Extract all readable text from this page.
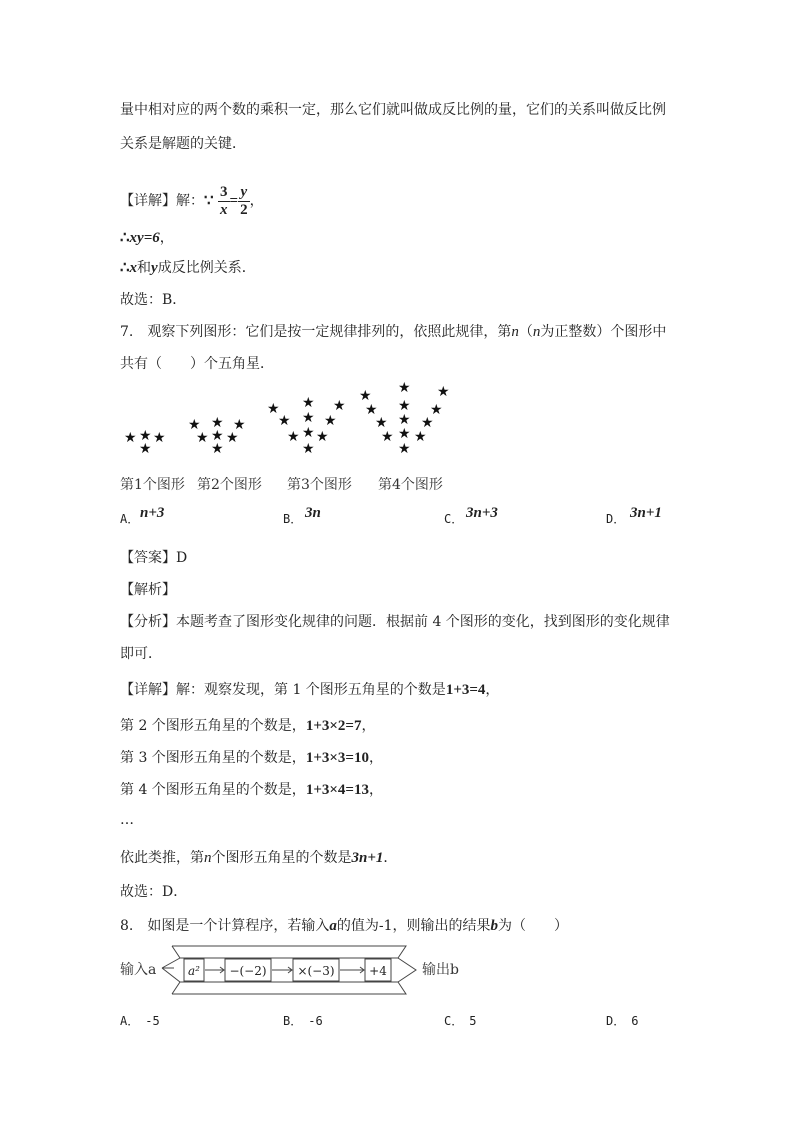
量中相对应的两个数的乘积一定，那么它们就叫做成反比例的量，它们的关系叫做反比例
关系是解题的关键．
【详解】解：∵ $\frac{3}{x} = \frac{y}{2}$ ，
∴xy=6，
∴x和y成反比例关系．
故选：B．
7.　观察下列图形：它们是按一定规律排列的，依照此规律，第n（n为正整数）个图形中
共有（　　）个五角星．
★ ★ ★
★
★ ★ ★
★ ★ ★
★
★ ★ ★
★ ★ ★
★ ★ ★
★
★ ★ ★
★ ★ ★
★ ★ ★
★ ★ ★
★
第1个图形 第2个图形 第3个图形 第4个图形
A． n+3	B． 3n	C． 3n+3	D． 3n+1
【答案】D
【解析】
【分析】本题考查了图形变化规律的问题．根据前 4 个图形的变化，找到图形的变化规律
即可．
【详解】解：观察发现，第 1 个图形五角星的个数是1+3=4，
第 2 个图形五角星的个数是，1+3×2=7，
第 3 个图形五角星的个数是，1+3×3=10，
第 4 个图形五角星的个数是，1+3×4=13，
…
依此类推，第n个图形五角星的个数是3n+1．
故选：D．
8.　如图是一个计算程序，若输入a的值为-1，则输出的结果b为（　　）
输入a	a² −(−2)	×(−3)	+4	输出b
A． -5	B． -6	C． 5	D． 6
